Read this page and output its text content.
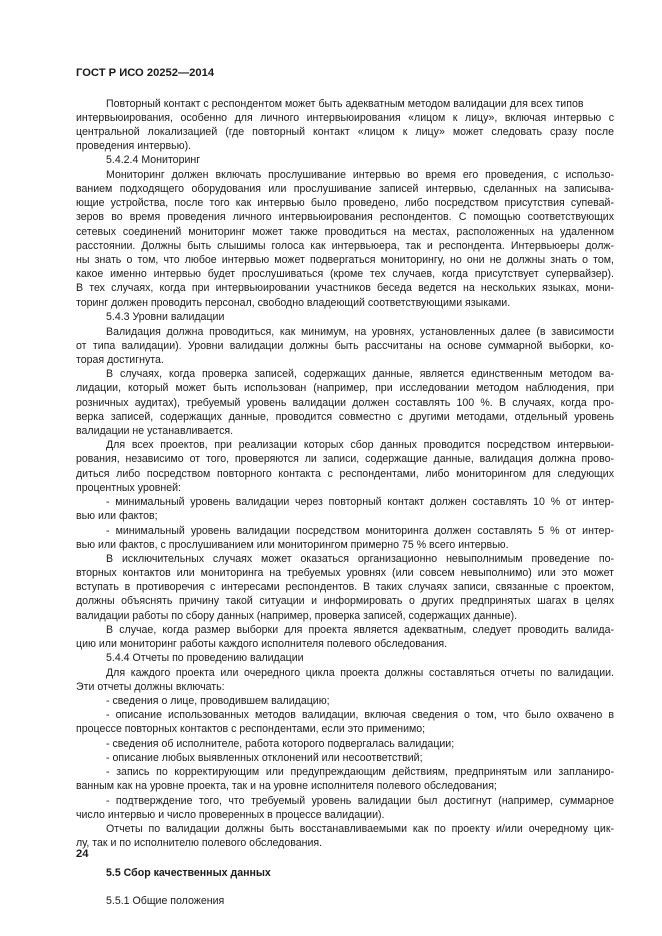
ГОСТ Р ИСО 20252—2014
Повторный контакт с респондентом может быть адекватным методом валидации для всех типов
интервьюирования, особенно для личного интервьюирования «лицом к лицу», включая интервью с
центральной локализацией (где повторный контакт «лицом к лицу» может следовать сразу после
проведения интервью).
5.4.2.4 Мониторинг
Мониторинг должен включать прослушивание интервью во время его проведения, с использо-
ванием подходящего оборудования или прослушивание записей интервью, сделанных на записыва-
ющие устройства, после того как интервью было проведено, либо посредством присутствия супевай-
зеров во время проведения личного интервьюирования респондентов. С помощью соответствующих
сетевых соединений мониторинг может также проводиться на местах, расположенных на удаленном
расстоянии. Должны быть слышимы голоса как интервьюера, так и респондента. Интервьюеры долж-
ны знать о том, что любое интервью может подвергаться мониторингу, но они не должны знать о том,
какое именно интервью будет прослушиваться (кроме тех случаев, когда присутствует супервайзер).
В тех случаях, когда при интервьюировании участников беседа ведется на нескольких языках, мони-
торинг должен проводить персонал, свободно владеющий соответствующими языками.
5.4.3 Уровни валидации
Валидация должна проводиться, как минимум, на уровнях, установленных далее (в зависимости
от типа валидации). Уровни валидации должны быть рассчитаны на основе суммарной выборки, ко-
торая достигнута.
В случаях, когда проверка записей, содержащих данные, является единственным методом ва-
лидации, который может быть использован (например, при исследовании методом наблюдения, при
розничных аудитах), требуемый уровень валидации должен составлять 100 %. В случаях, когда про-
верка записей, содержащих данные, проводится совместно с другими методами, отдельный уровень
валидации не устанавливается.
Для всех проектов, при реализации которых сбор данных проводится посредством интервьюи-
рования, независимо от того, проверяются ли записи, содержащие данные, валидация должна прово-
диться либо посредством повторного контакта с респондентами, либо мониторингом для следующих
процентных уровней:
- минимальный уровень валидации через повторный контакт должен составлять 10 % от интер-
вью или фактов;
- минимальный уровень валидации посредством мониторинга должен составлять 5 % от интер-
вью или фактов, с прослушиванием или мониторингом примерно 75 % всего интервью.
В исключительных случаях может оказаться организационно невыполнимым проведение по-
вторных контактов или мониторинга на требуемых уровнях (или совсем невыполнимо) или это может
вступать в противоречия с интересами респондентов. В таких случаях записи, связанные с проектом,
должны объяснять причину такой ситуации и информировать о других предпринятых шагах в целях
валидации работы по сбору данных (например, проверка записей, содержащих данные).
В случае, когда размер выборки для проекта является адекватным, следует проводить валида-
цию или мониторинг работы каждого исполнителя полевого обследования.
5.4.4 Отчеты по проведению валидации
Для каждого проекта или очередного цикла проекта должны составляться отчеты по валидации.
Эти отчеты должны включать:
- сведения о лице, проводившем валидацию;
- описание использованных методов валидации, включая сведения о том, что было охвачено в
процессе повторных контактов с респондентами, если это применимо;
- сведения об исполнителе, работа которого подвергалась валидации;
- описание любых выявленных отклонений или несоответствий;
- запись по корректирующим или предупреждающим действиям, предпринятым или запланиро-
ванным как на уровне проекта, так и на уровне исполнителя полевого обследования;
- подтверждение того, что требуемый уровень валидации был достигнут (например, суммарное
число интервью и число проверенных в процессе валидации).
Отчеты по валидации должны быть восстанавливаемыми как по проекту и/или очередному цик-
лу, так и по исполнителю полевого обследования.
5.5 Сбор качественных данных
5.5.1 Общие положения
24
